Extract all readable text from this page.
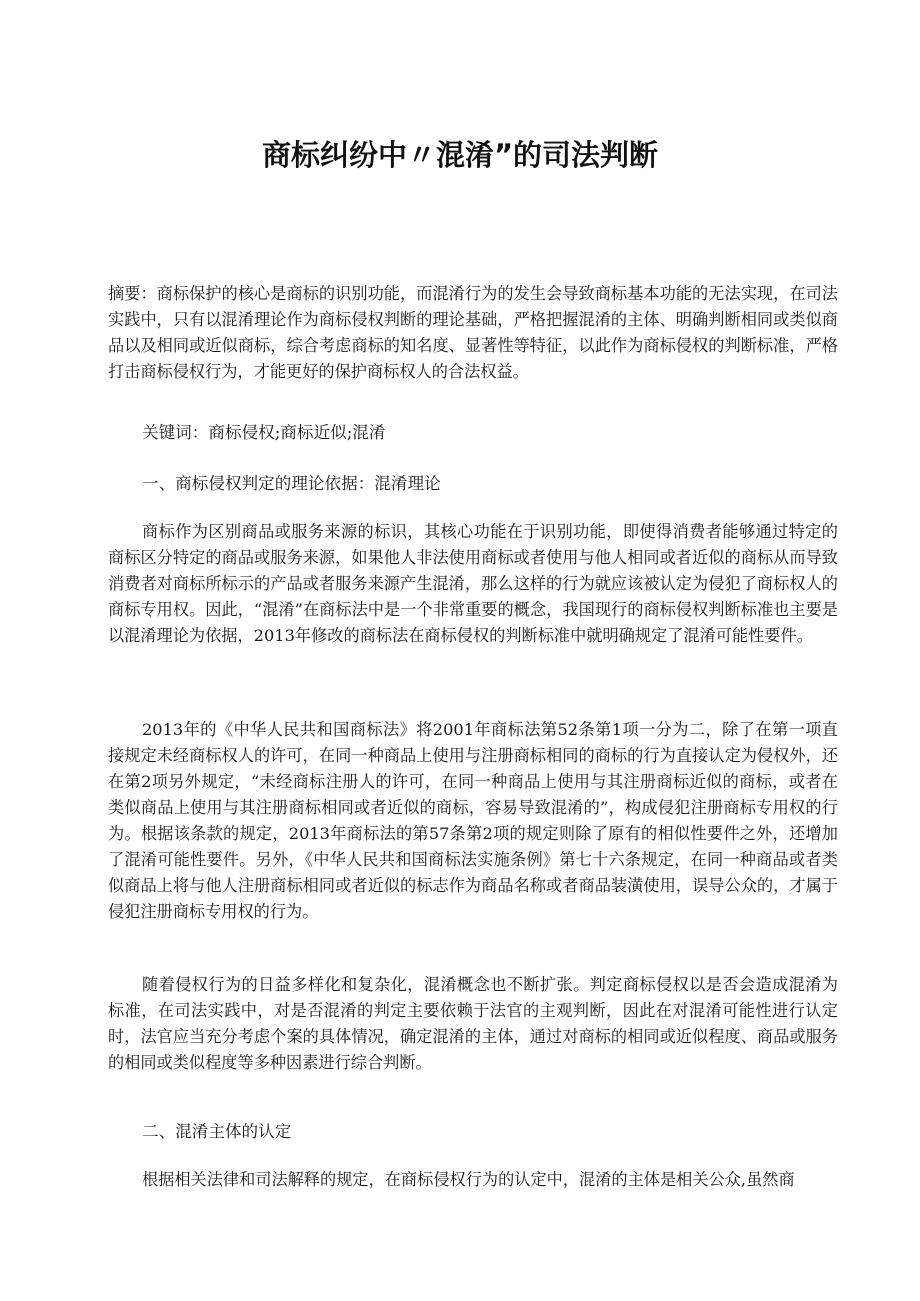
商标纠纷中〃混淆”的司法判断

摘要：商标保护的核心是商标的识别功能，而混淆行为的发生会导致商标基本功能的无法实现，在司法实践中，只有以混淆理论作为商标侵权判断的理论基础，严格把握混淆的主体、明确判断相同或类似商品以及相同或近似商标，综合考虑商标的知名度、显著性等特征，以此作为商标侵权的判断标准，严格打击商标侵权行为，才能更好的保护商标权人的合法权益。

关键词：商标侵权;商标近似;混淆

一、商标侵权判定的理论依据：混淆理论

商标作为区别商品或服务来源的标识，其核心功能在于识别功能，即使得消费者能够通过特定的商标区分特定的商品或服务来源，如果他人非法使用商标或者使用与他人相同或者近似的商标从而导致消费者对商标所标示的产品或者服务来源产生混淆，那么这样的行为就应该被认定为侵犯了商标权人的商标专用权。因此，“混淆”在商标法中是一个非常重要的概念，我国现行的商标侵权判断标准也主要是以混淆理论为依据，2013年修改的商标法在商标侵权的判断标准中就明确规定了混淆可能性要件。

2013年的《中华人民共和国商标法》将2001年商标法第52条第1项一分为二，除了在第一项直接规定未经商标权人的许可，在同一种商品上使用与注册商标相同的商标的行为直接认定为侵权外，还在第2项另外规定，“未经商标注册人的许可，在同一种商品上使用与其注册商标近似的商标，或者在类似商品上使用与其注册商标相同或者近似的商标，容易导致混淆的”，构成侵犯注册商标专用权的行为。根据该条款的规定，2013年商标法的第57条第2项的规定则除了原有的相似性要件之外，还增加了混淆可能性要件。另外，《中华人民共和国商标法实施条例》第七十六条规定，在同一种商品或者类似商品上将与他人注册商标相同或者近似的标志作为商品名称或者商品装潢使用，误导公众的，才属于侵犯注册商标专用权的行为。

随着侵权行为的日益多样化和复杂化，混淆概念也不断扩张。判定商标侵权以是否会造成混淆为标准，在司法实践中，对是否混淆的判定主要依赖于法官的主观判断，因此在对混淆可能性进行认定时，法官应当充分考虑个案的具体情况，确定混淆的主体，通过对商标的相同或近似程度、商品或服务的相同或类似程度等多种因素进行综合判断。

二、混淆主体的认定

根据相关法律和司法解释的规定，在商标侵权行为的认定中，混淆的主体是相关公众,虽然商
